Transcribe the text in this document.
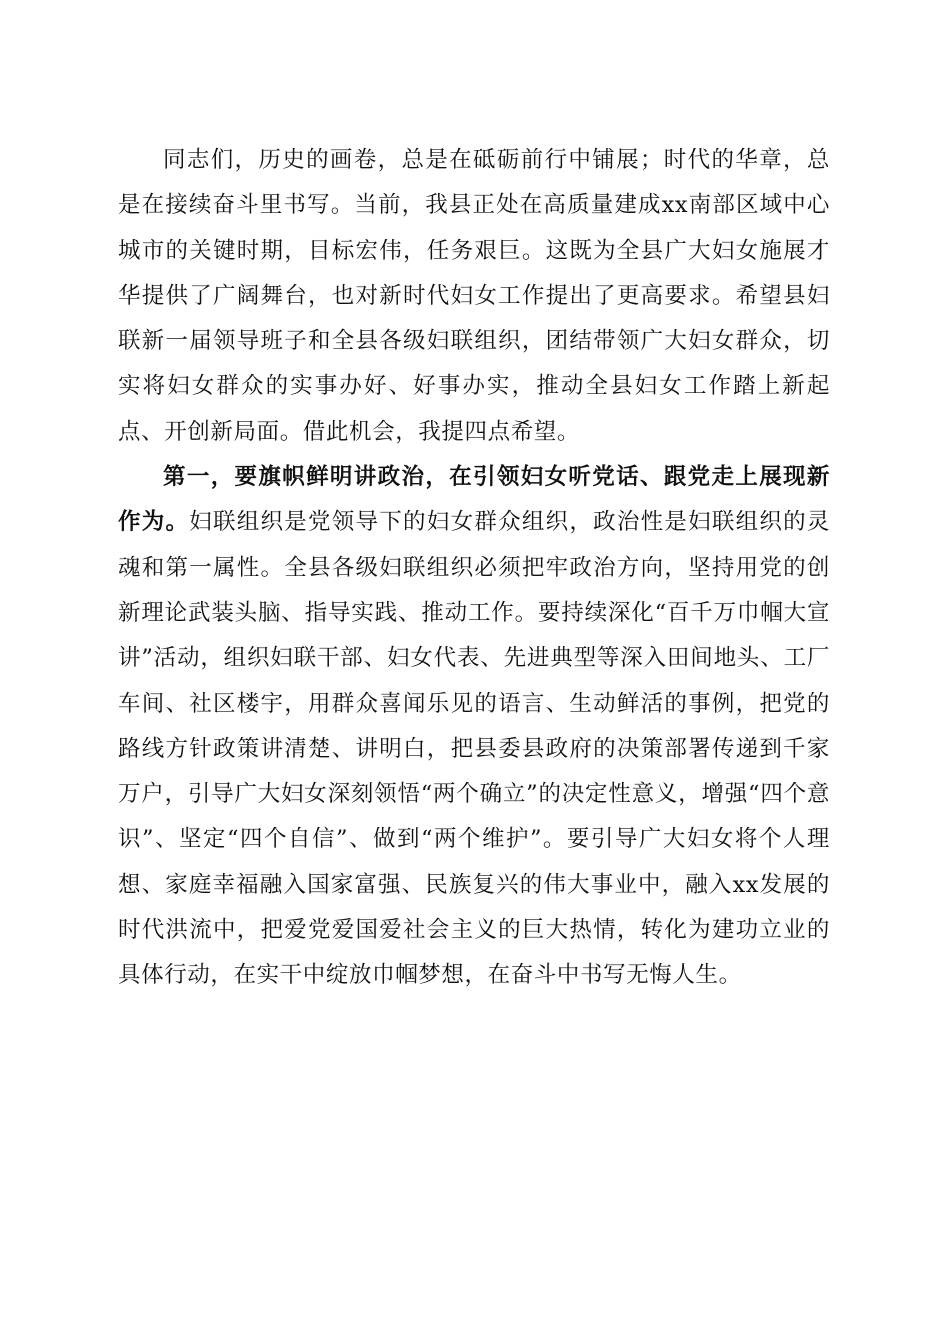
同志们，历史的画卷，总是在砥砺前行中铺展；时代的华章，总是在接续奋斗里书写。当前，我县正处在高质量建成xx南部区域中心城市的关键时期，目标宏伟，任务艰巨。这既为全县广大妇女施展才华提供了广阔舞台，也对新时代妇女工作提出了更高要求。希望县妇联新一届领导班子和全县各级妇联组织，团结带领广大妇女群众，切实将妇女群众的实事办好、好事办实，推动全县妇女工作踏上新起点、开创新局面。借此机会，我提四点希望。

第一，要旗帜鲜明讲政治，在引领妇女听党话、跟党走上展现新作为。妇联组织是党领导下的妇女群众组织，政治性是妇联组织的灵魂和第一属性。全县各级妇联组织必须把牢政治方向，坚持用党的创新理论武装头脑、指导实践、推动工作。要持续深化“百千万巾帼大宣讲”活动，组织妇联干部、妇女代表、先进典型等深入田间地头、工厂车间、社区楼宇，用群众喜闻乐见的语言、生动鲜活的事例，把党的路线方针政策讲清楚、讲明白，把县委县政府的决策部署传递到千家万户，引导广大妇女深刻领悟“两个确立”的决定性意义，增强“四个意识”、坚定“四个自信”、做到“两个维护”。要引导广大妇女将个人理想、家庭幸福融入国家富强、民族复兴的伟大事业中，融入xx发展的时代洪流中，把爱党爱国爱社会主义的巨大热情，转化为建功立业的具体行动，在实干中绽放巾帼梦想，在奋斗中书写无悔人生。
